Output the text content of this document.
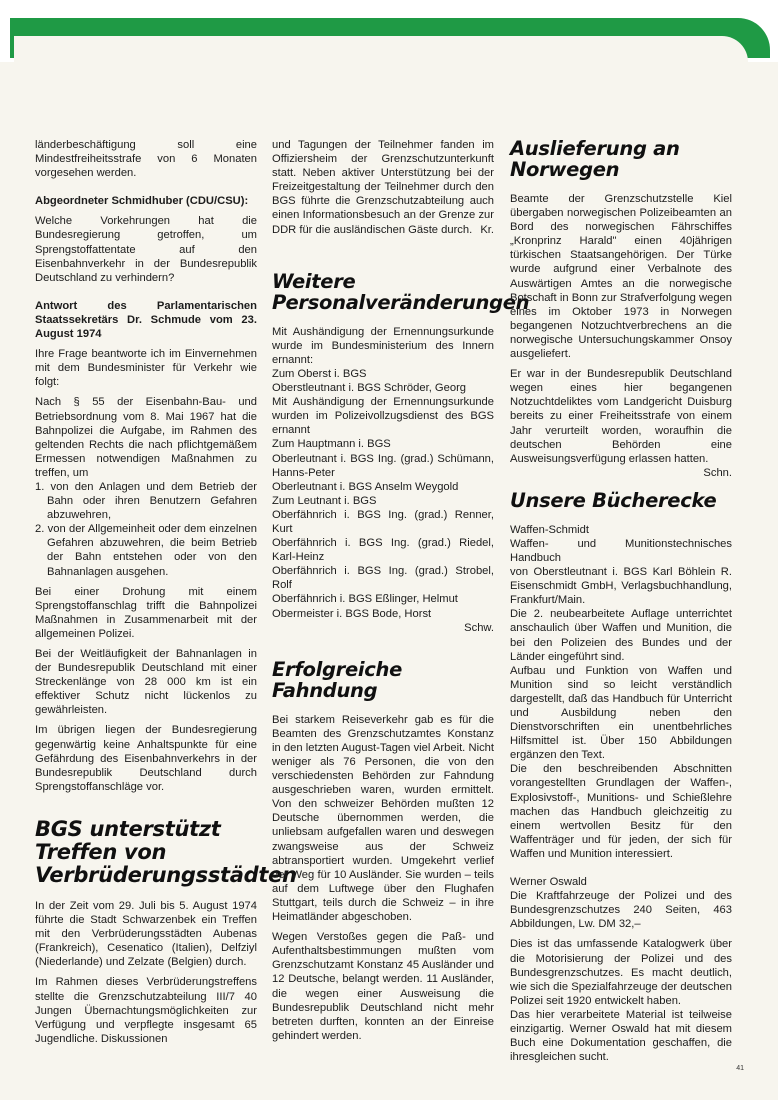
länderbeschäftigung soll eine Mindestfreiheitsstrafe von 6 Monaten vorgesehen werden.

Abgeordneter Schmidhuber (CDU/CSU):

Welche Vorkehrungen hat die Bundesregierung getroffen, um Sprengstoffattentate auf den Eisenbahnverkehr in der Bundesrepublik Deutschland zu verhindern?

Antwort des Parlamentarischen Staatssekretärs Dr. Schmude vom 23. August 1974

Ihre Frage beantworte ich im Einvernehmen mit dem Bundesminister für Verkehr wie folgt:

Nach § 55 der Eisenbahn-Bau- und Betriebsordnung vom 8. Mai 1967 hat die Bahnpolizei die Aufgabe, im Rahmen des geltenden Rechts die nach pflichtgemäßem Ermessen notwendigen Maßnahmen zu treffen, um

1. von den Anlagen und dem Betrieb der Bahn oder ihren Benutzern Gefahren abzuwehren,
2. von der Allgemeinheit oder dem einzelnen Gefahren abzuwehren, die beim Betrieb der Bahn entstehen oder von den Bahnanlagen ausgehen.

Bei einer Drohung mit einem Sprengstoffanschlag trifft die Bahnpolizei Maßnahmen in Zusammenarbeit mit der allgemeinen Polizei.

Bei der Weitläufigkeit der Bahnanlagen in der Bundesrepublik Deutschland mit einer Streckenlänge von 28 000 km ist ein effektiver Schutz nicht lückenlos zu gewährleisten.

Im übrigen liegen der Bundesregierung gegenwärtig keine Anhaltspunkte für eine Gefährdung des Eisenbahnverkehrs in der Bundesrepublik Deutschland durch Sprengstoffanschläge vor.

BGS unterstützt Treffen von Verbrüderungsstädten

In der Zeit vom 29. Juli bis 5. August 1974 führte die Stadt Schwarzenbek ein Treffen mit den Verbrüderungsstädten Aubenas (Frankreich), Cesenatico (Italien), Delfziyl (Niederlande) und Zelzate (Belgien) durch.

Im Rahmen dieses Verbrüderungstreffens stellte die Grenzschutzabteilung III/7 40 Jungen Übernachtungsmöglichkeiten zur Verfügung und verpflegte insgesamt 65 Jugendliche. Diskussionen

und Tagungen der Teilnehmer fanden im Offiziersheim der Grenzschutzunterkunft statt. Neben aktiver Unterstützung bei der Freizeitgestaltung der Teilnehmer durch den BGS führte die Grenzschutzabteilung auch einen Informationsbesuch an der Grenze zur DDR für die ausländischen Gäste durch. Kr.

Weitere Personalveränderungen
Mit Aushändigung der Ernennungsurkunde wurde im Bundesministerium des Innern ernannt:
Zum Oberst i. BGS
Oberstleutnant i. BGS Schröder, Georg
Mit Aushändigung der Ernennungsurkunde wurden im Polizeivollzugsdienst des BGS ernannt
Zum Hauptmann i. BGS
Oberleutnant i. BGS Ing. (grad.) Schümann, Hanns-Peter
Oberleutnant i. BGS Anselm Weygold
Zum Leutnant i. BGS
Oberfähnrich i. BGS Ing. (grad.) Renner, Kurt
Oberfähnrich i. BGS Ing. (grad.) Riedel, Karl-Heinz
Oberfähnrich i. BGS Ing. (grad.) Strobel, Rolf
Oberfähnrich i. BGS Eßlinger, Helmut
Obermeister i. BGS Bode, Horst

Schw.

Erfolgreiche Fahndung

Bei starkem Reiseverkehr gab es für die Beamten des Grenzschutzamtes Konstanz in den letzten August-Tagen viel Arbeit. Nicht weniger als 76 Personen, die von den verschiedensten Behörden zur Fahndung ausgeschrieben waren, wurden ermittelt. Von den schweizer Behörden mußten 12 Deutsche übernommen werden, die unliebsam aufgefallen waren und deswegen zwangsweise aus der Schweiz abtransportiert wurden. Umgekehrt verlief der Weg für 10 Ausländer. Sie wurden – teils auf dem Luftwege über den Flughafen Stuttgart, teils durch die Schweiz – in ihre Heimatländer abgeschoben.

Wegen Verstoßes gegen die Paß- und Aufenthaltsbestimmungen mußten vom Grenzschutzamt Konstanz 45 Ausländer und 12 Deutsche, belangt werden. 11 Ausländer, die wegen einer Ausweisung die Bundesrepublik Deutschland nicht mehr betreten durften, konnten an der Einreise gehindert werden.

Auslieferung an Norwegen

Beamte der Grenzschutzstelle Kiel übergaben norwegischen Polizeibeamten an Bord des norwegischen Fährschiffes „Kronprinz Harald" einen 40jährigen türkischen Staatsangehörigen. Der Türke wurde aufgrund einer Verbalnote des Auswärtigen Amtes an die norwegische Botschaft in Bonn zur Strafverfolgung wegen eines im Oktober 1973 in Norwegen begangenen Notzuchtverbrechens an die norwegische Untersuchungskammer Onsoy ausgeliefert.

Er war in der Bundesrepublik Deutschland wegen eines hier begangenen Notzuchtdeliktes vom Landgericht Duisburg bereits zu einer Freiheitsstrafe von einem Jahr verurteilt worden, woraufhin die deutschen Behörden eine Ausweisungsverfügung erlassen hatten.
Schn.

Unsere Bücherecke

Waffen-Schmidt

Waffen- und Munitionstechnisches Handbuch

von Oberstleutnant i. BGS Karl Böhlein R. Eisenschmidt GmbH, Verlagsbuchhandlung, Frankfurt/Main.

Die 2. neubearbeitete Auflage unterrichtet anschaulich über Waffen und Munition, die bei den Polizeien des Bundes und der Länder eingeführt sind.

Aufbau und Funktion von Waffen und Munition sind so leicht verständlich dargestellt, daß das Handbuch für Unterricht und Ausbildung neben den Dienstvorschriften ein unentbehrliches Hilfsmittel ist. Über 150 Abbildungen ergänzen den Text.

Die den beschreibenden Abschnitten vorangestellten Grundlagen der Waffen-, Explosivstoff-, Munitions- und Schießlehre machen das Handbuch gleichzeitig zu einem wertvollen Besitz für den Waffenträger und für jeden, der sich für Waffen und Munition interessiert.

Werner Oswald

Die Kraftfahrzeuge der Polizei und des Bundesgrenzschutzes 240 Seiten, 463 Abbildungen, Lw. DM 32,–

Dies ist das umfassende Katalogwerk über die Motorisierung der Polizei und des Bundesgrenzschutzes. Es macht deutlich, wie sich die Spezialfahrzeuge der deutschen Polizei seit 1920 entwickelt haben.

Das hier verarbeitete Material ist teilweise einzigartig. Werner Oswald hat mit diesem Buch eine Dokumentation geschaffen, die ihresgleichen sucht.

41
